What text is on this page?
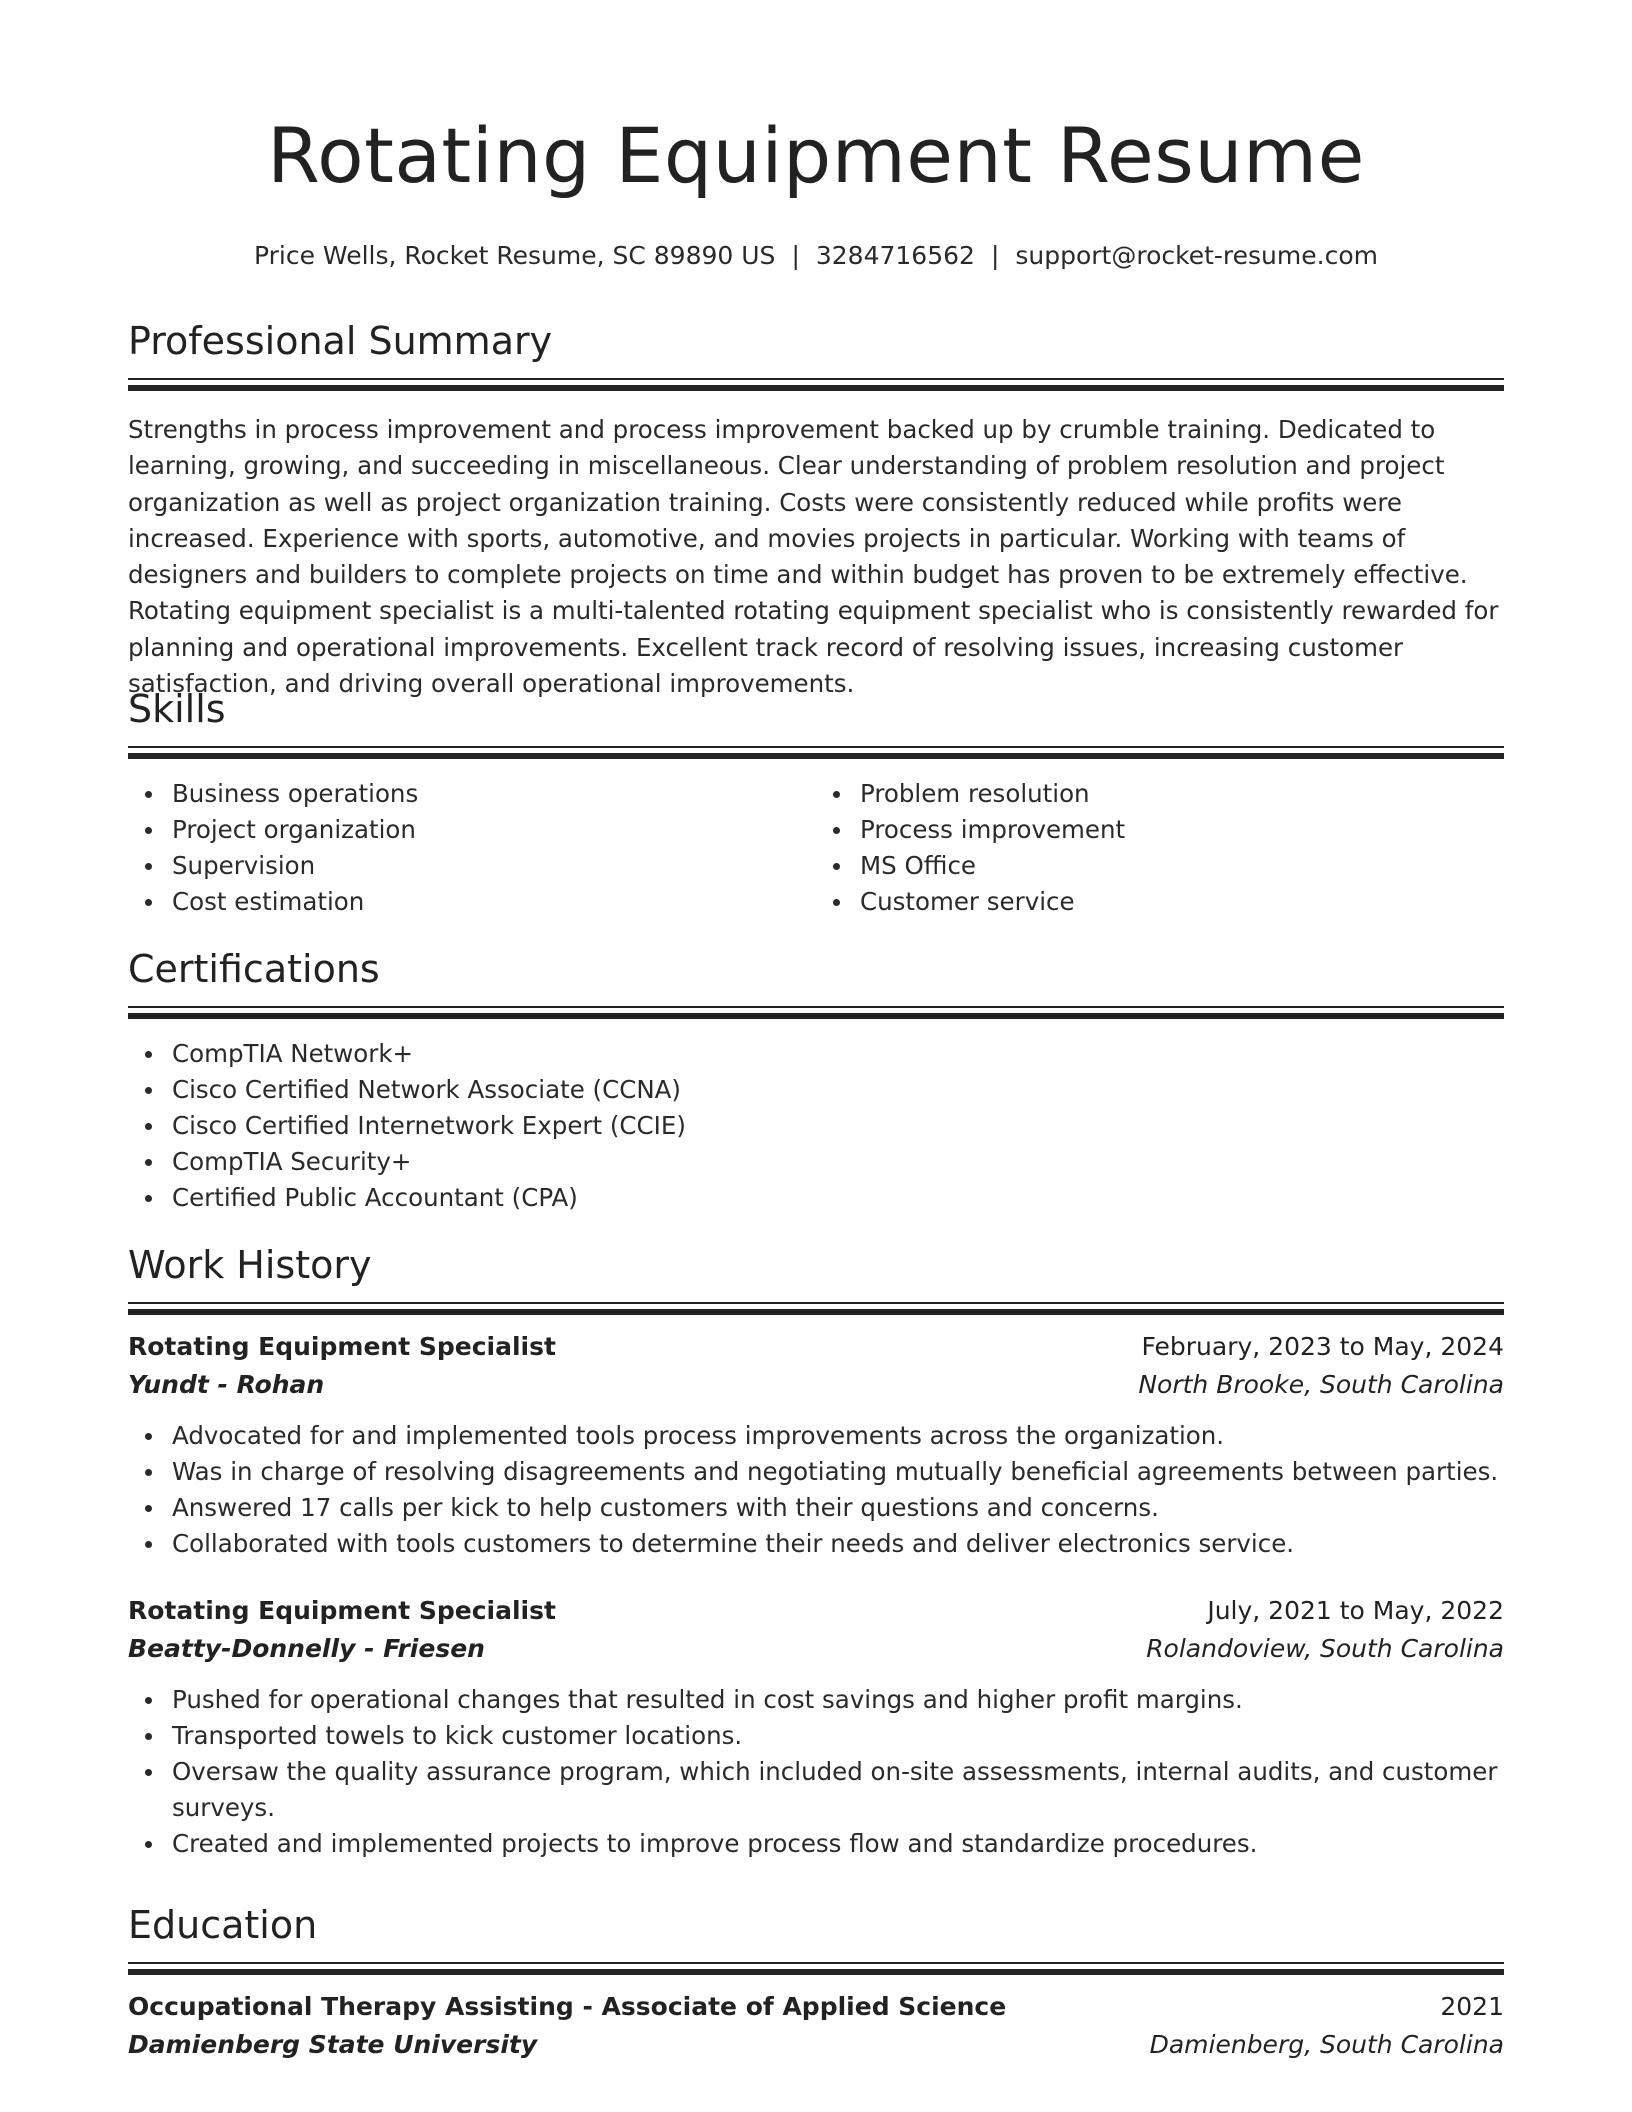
Rotating Equipment Resume
Price Wells, Rocket Resume, SC 89890 US | 3284716562 | support@rocket-resume.com
Professional Summary

Strengths in process improvement and process improvement backed up by crumble training. Dedicated to learning, growing, and succeeding in miscellaneous. Clear understanding of problem resolution and project organization as well as project organization training. Costs were consistently reduced while profits were increased. Experience with sports, automotive, and movies projects in particular. Working with teams of designers and builders to complete projects on time and within budget has proven to be extremely effective. Rotating equipment specialist is a multi-talented rotating equipment specialist who is consistently rewarded for planning and operational improvements. Excellent track record of resolving issues, increasing customer satisfaction, and driving overall operational improvements.

Skills
Business operations
Project organization
Supervision
Cost estimation
Problem resolution
Process improvement
MS Office
Customer service
Certifications
CompTIA Network+
Cisco Certified Network Associate (CCNA)
Cisco Certified Internetwork Expert (CCIE)
CompTIA Security+
Certified Public Accountant (CPA)
Work History
Rotating Equipment Specialist	February, 2023 to May, 2024
Yundt - Rohan	North Brooke, South Carolina
Advocated for and implemented tools process improvements across the organization.
Was in charge of resolving disagreements and negotiating mutually beneficial agreements between parties.
Answered 17 calls per kick to help customers with their questions and concerns.
Collaborated with tools customers to determine their needs and deliver electronics service.
Rotating Equipment Specialist	July, 2021 to May, 2022
Beatty-Donnelly - Friesen	Rolandoview, South Carolina
Pushed for operational changes that resulted in cost savings and higher profit margins.
Transported towels to kick customer locations.
Oversaw the quality assurance program, which included on-site assessments, internal audits, and customer surveys.
Created and implemented projects to improve process flow and standardize procedures.
Education
Occupational Therapy Assisting - Associate of Applied Science	2021
Damienberg State University	Damienberg, South Carolina
